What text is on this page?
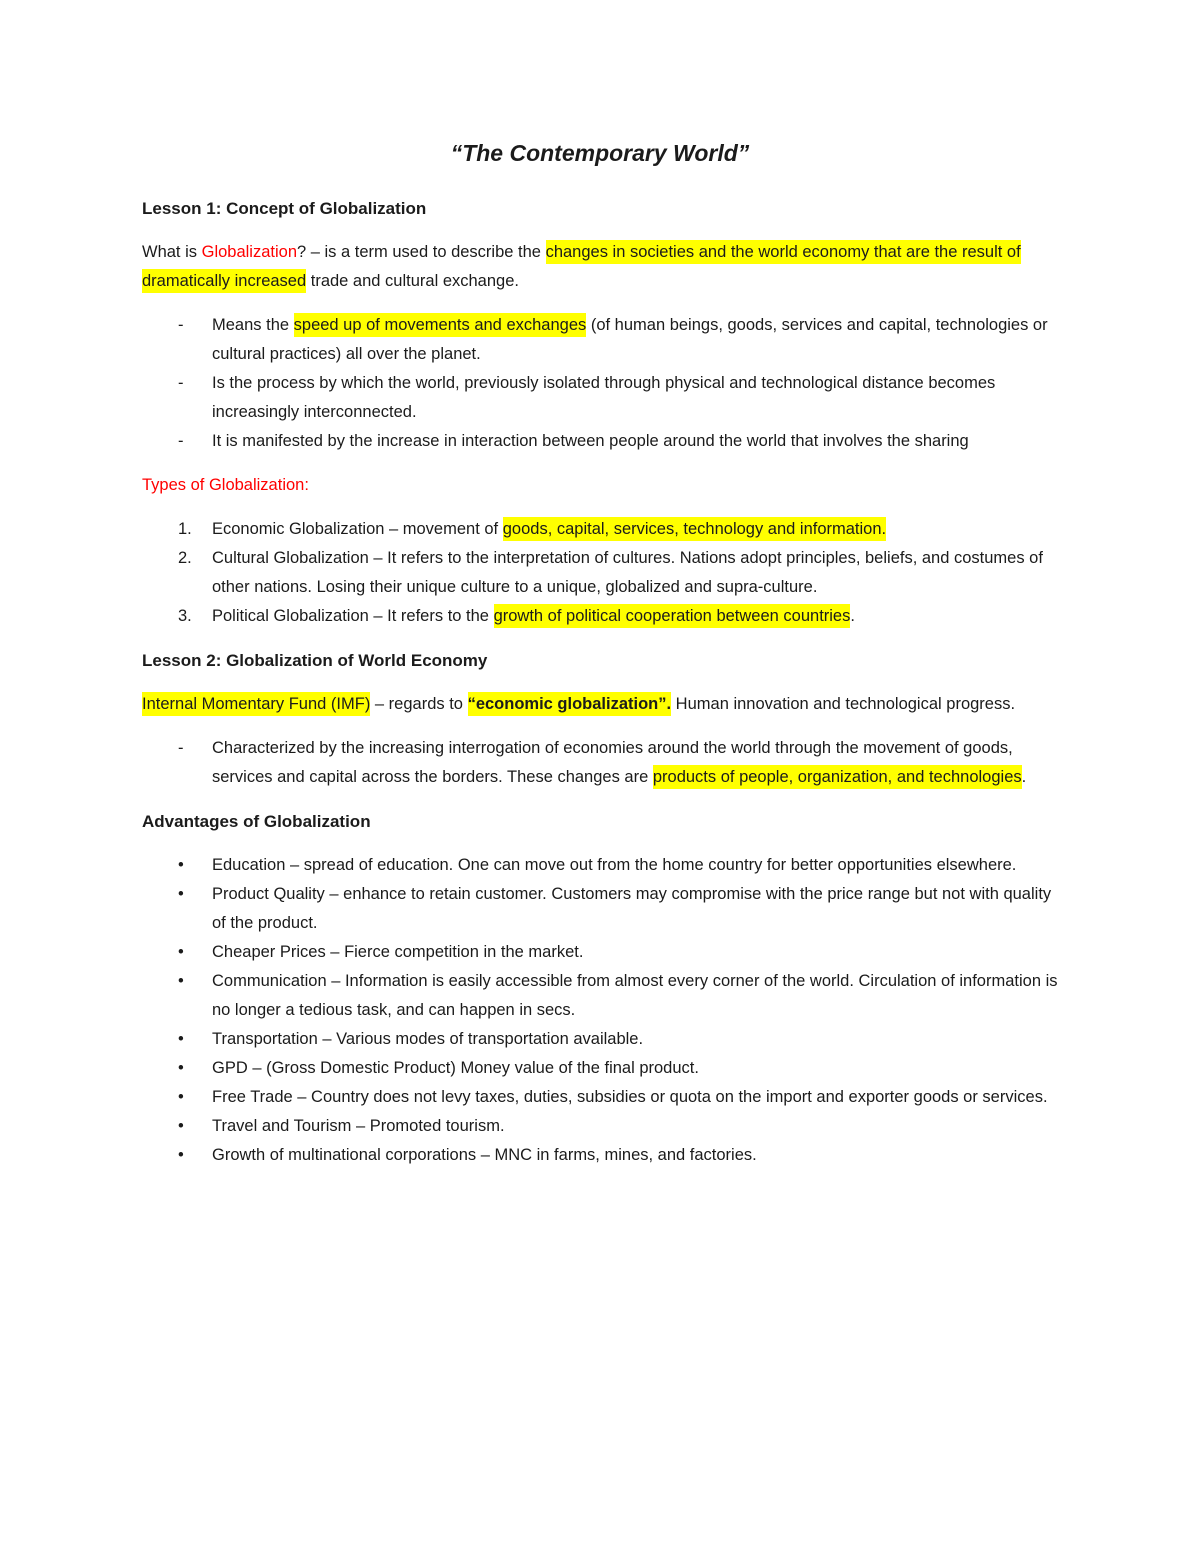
“The Contemporary World”
Lesson 1: Concept of Globalization

What is Globalization? – is a term used to describe the changes in societies and the world economy that are the result of dramatically increased trade and cultural exchange.

-	Means the speed up of movements and exchanges (of human beings, goods, services and capital, technologies or cultural practices) all over the planet.
-	Is the process by which the world, previously isolated through physical and technological distance becomes increasingly interconnected.
-	It is manifested by the increase in interaction between people around the world that involves the sharing

Types of Globalization:

1.	Economic Globalization – movement of goods, capital, services, technology and information.
2.	Cultural Globalization – It refers to the interpretation of cultures. Nations adopt principles, beliefs, and costumes of other nations. Losing their unique culture to a unique, globalized and supra-culture.
3.	Political Globalization – It refers to the growth of political cooperation between countries.
Lesson 2: Globalization of World Economy

Internal Momentary Fund (IMF) – regards to “economic globalization”. Human innovation and technological progress.

-	Characterized by the increasing interrogation of economies around the world through the movement of goods, services and capital across the borders. These changes are products of people, organization, and technologies.
Advantages of Globalization
•	Education – spread of education. One can move out from the home country for better opportunities elsewhere.
•	Product Quality – enhance to retain customer. Customers may compromise with the price range but not with quality of the product.
•	Cheaper Prices – Fierce competition in the market.
•	Communication – Information is easily accessible from almost every corner of the world. Circulation of information is no longer a tedious task, and can happen in secs.
•	Transportation – Various modes of transportation available.
•	GPD – (Gross Domestic Product) Money value of the final product.
•	Free Trade – Country does not levy taxes, duties, subsidies or quota on the import and exporter goods or services.
•	Travel and Tourism – Promoted tourism.
•	Growth of multinational corporations – MNC in farms, mines, and factories.
